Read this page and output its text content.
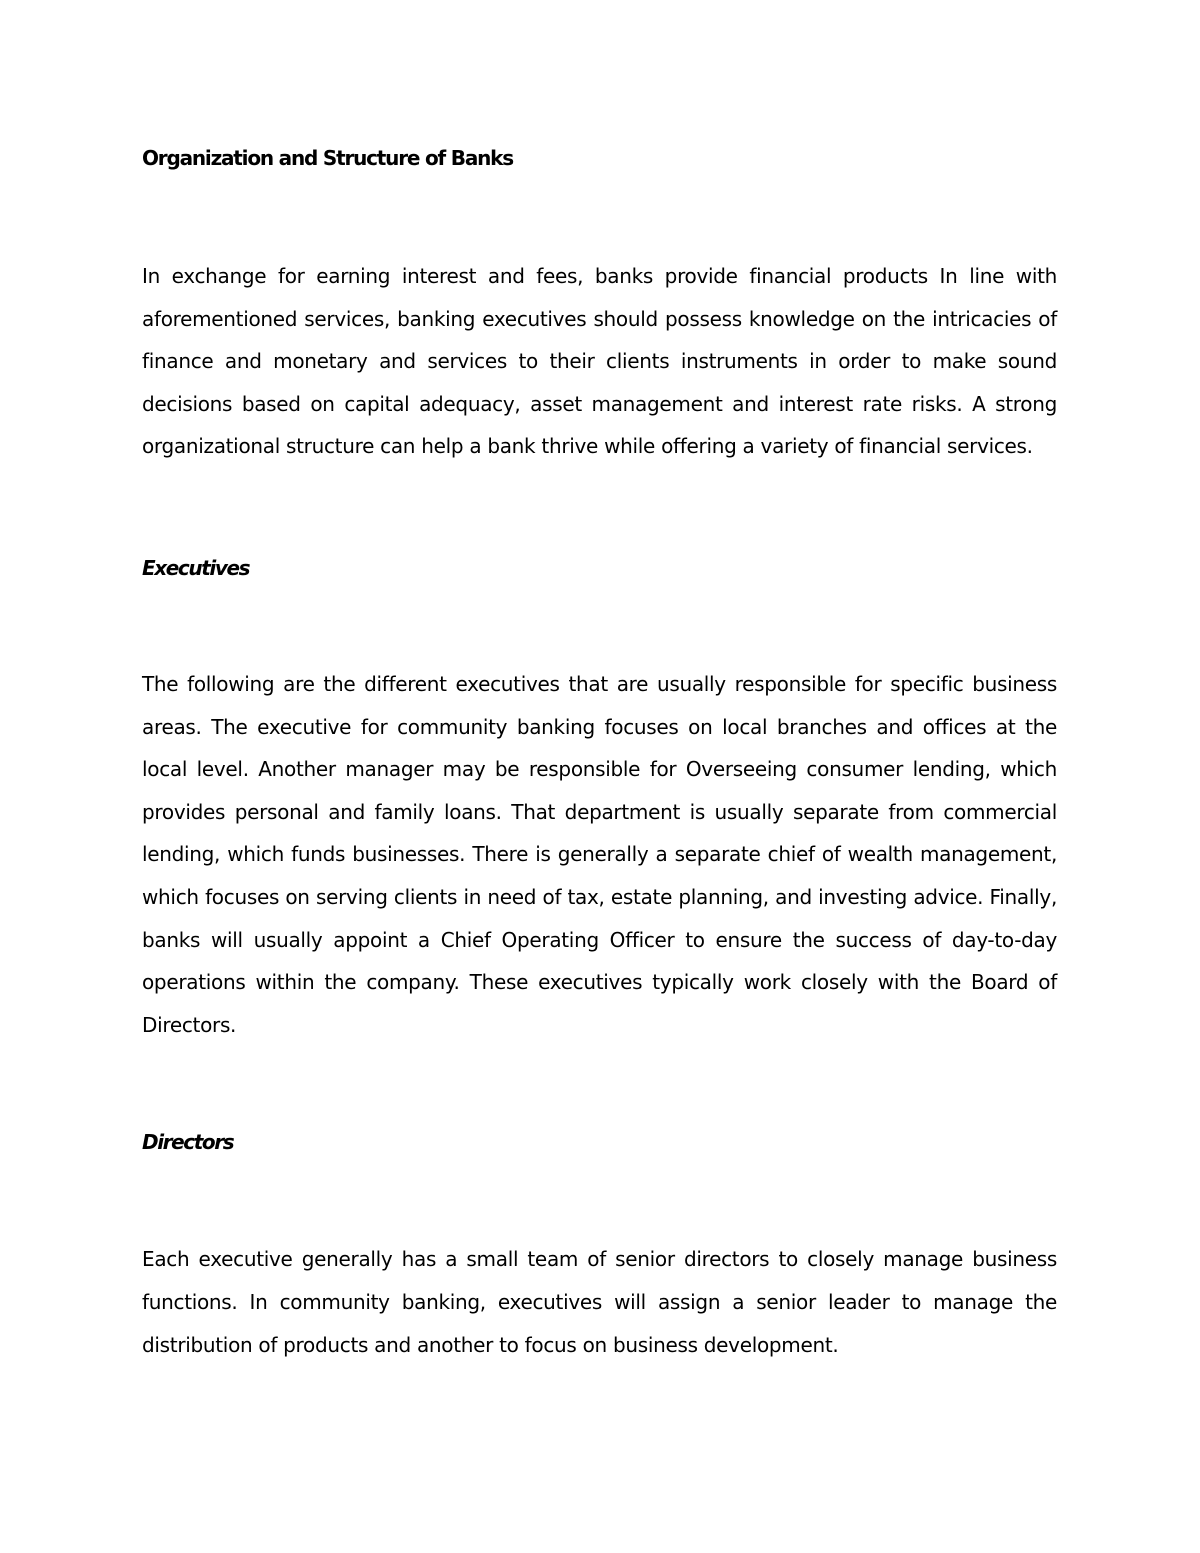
Organization and Structure of Banks

In exchange for earning interest and fees, banks provide financial products In line with aforementioned services, banking executives should possess knowledge on the intricacies of finance and monetary and services to their clients instruments in order to make sound decisions based on capital adequacy, asset management and interest rate risks. A strong organizational structure can help a bank thrive while offering a variety of financial services.

Executives

The following are the different executives that are usually responsible for specific business areas. The executive for community banking focuses on local branches and offices at the local level. Another manager may be responsible for Overseeing consumer lending, which provides personal and family loans. That department is usually separate from commercial lending, which funds businesses. There is generally a separate chief of wealth management, which focuses on serving clients in need of tax, estate planning, and investing advice. Finally, banks will usually appoint a Chief Operating Officer to ensure the success of day-to-day operations within the company. These executives typically work closely with the Board of Directors.

Directors

Each executive generally has a small team of senior directors to closely manage business functions. In community banking, executives will assign a senior leader to manage the distribution of products and another to focus on business development.
